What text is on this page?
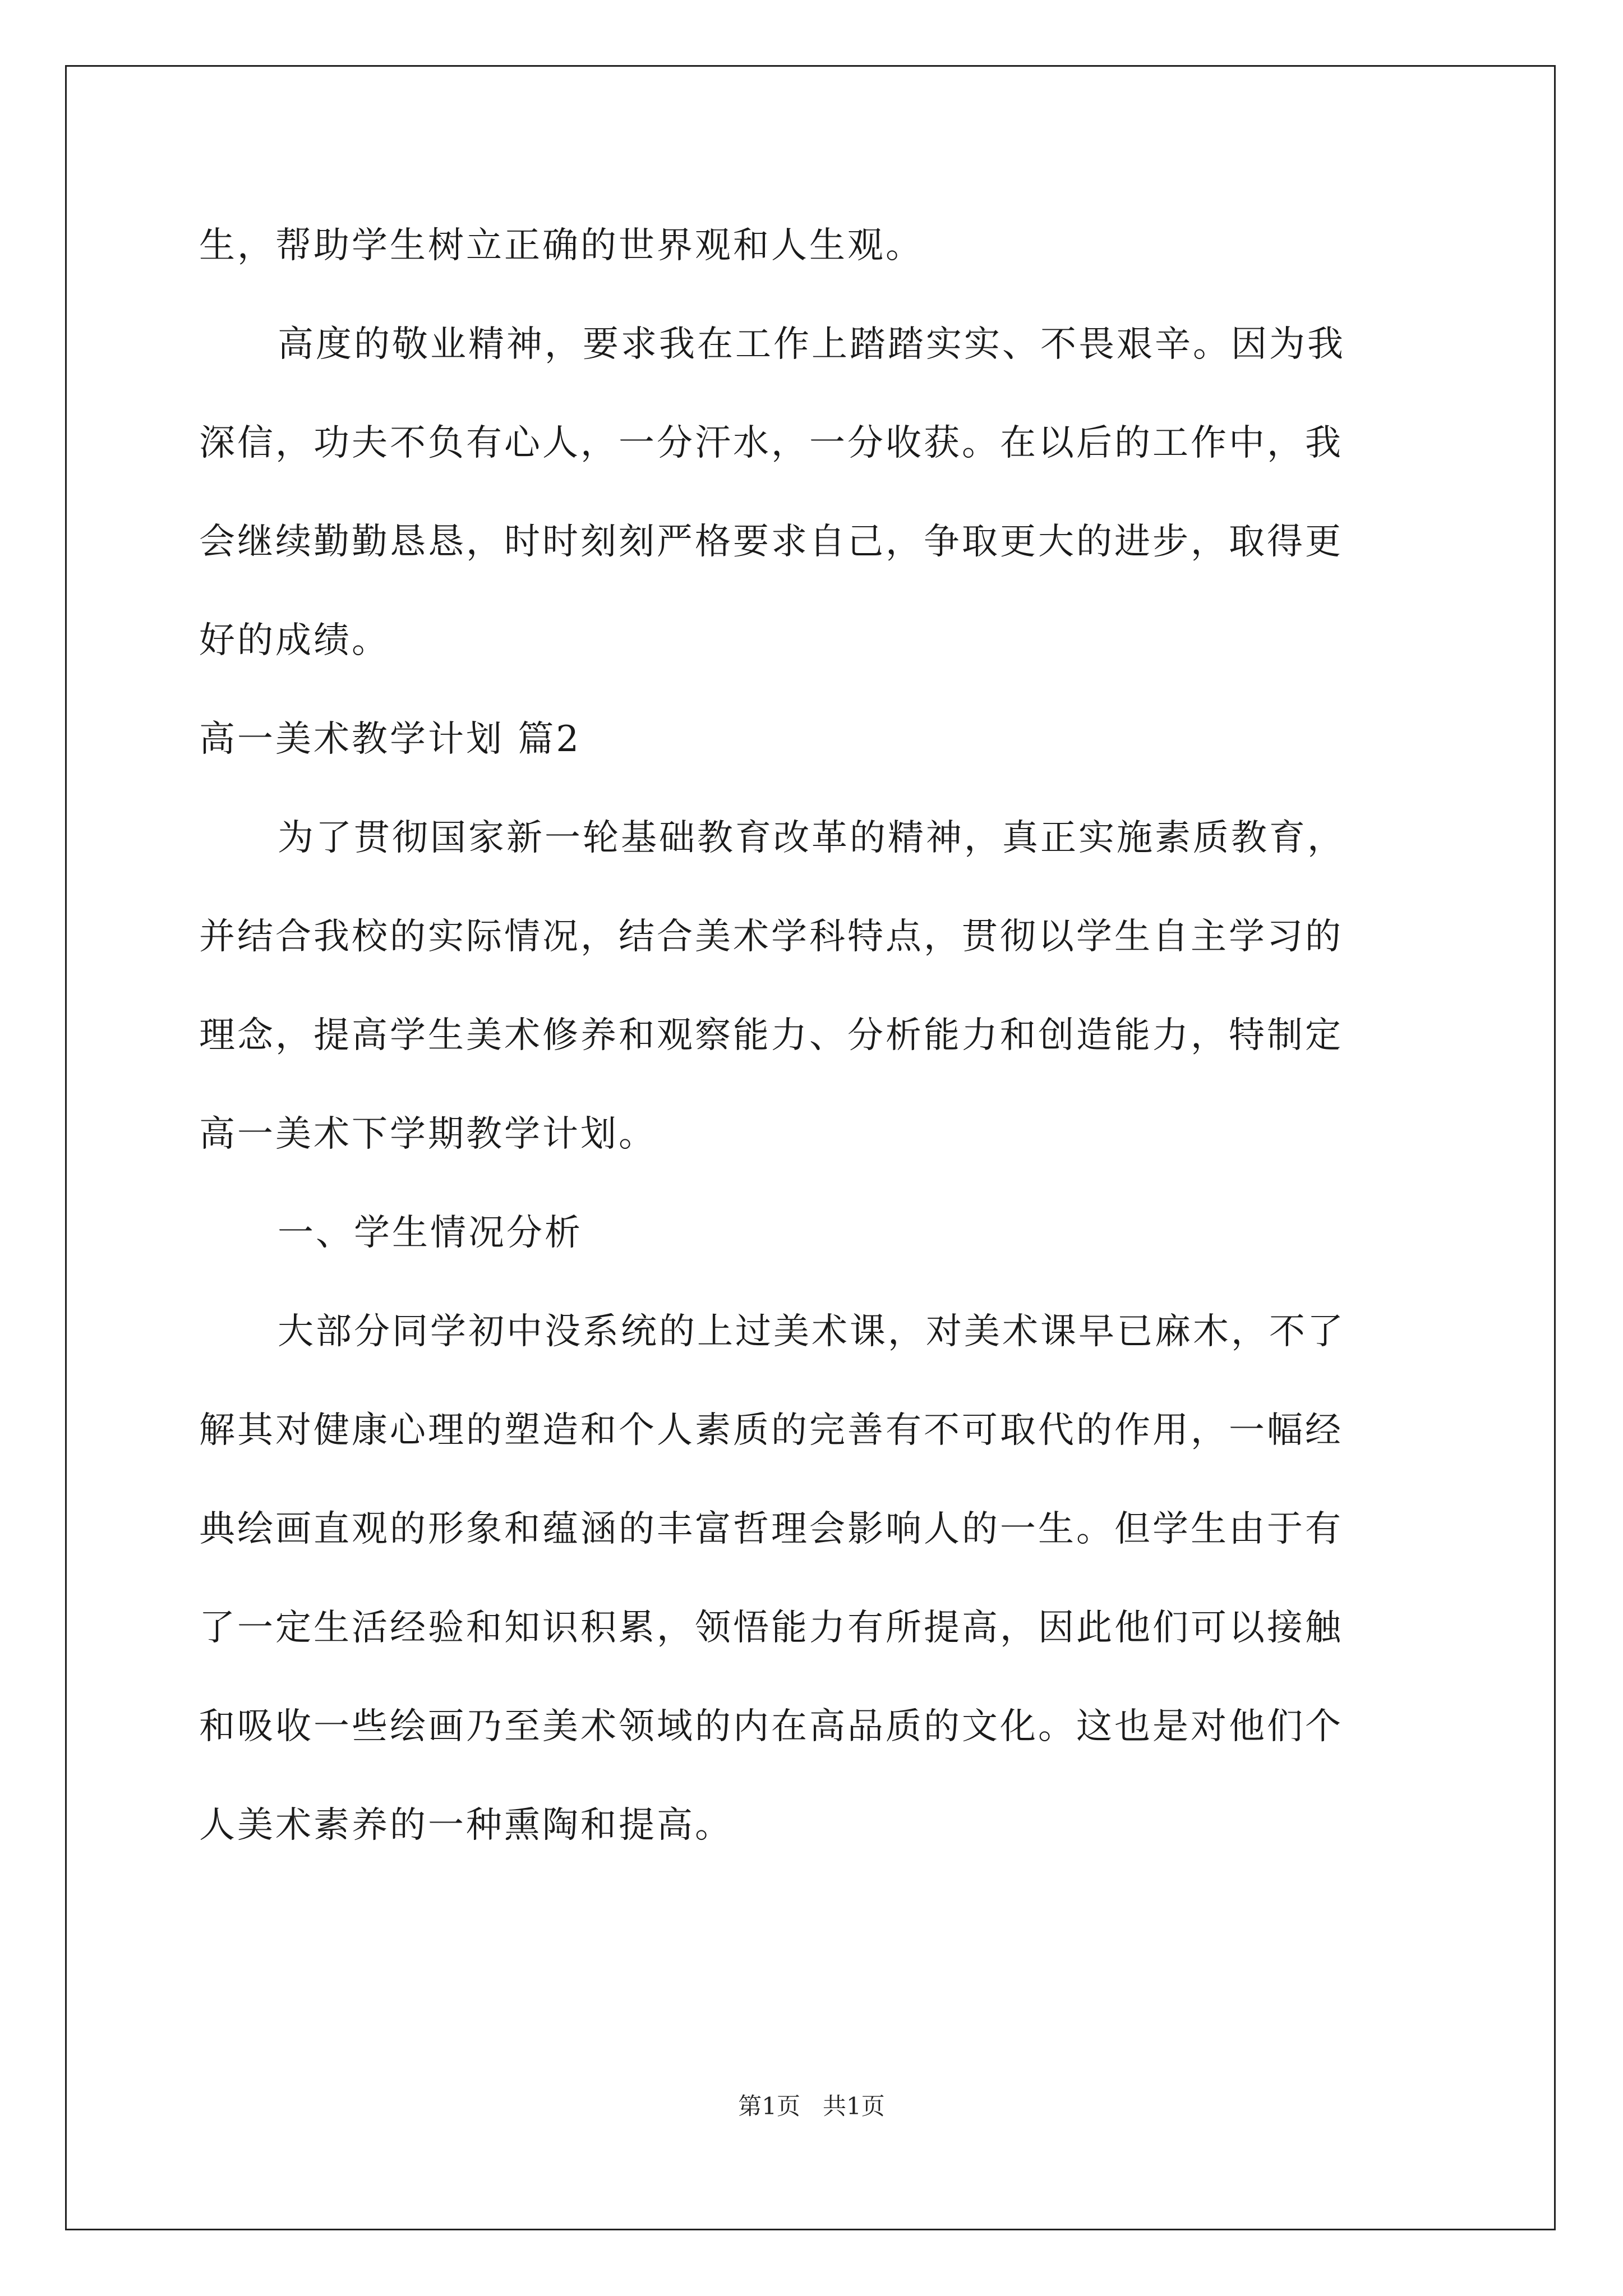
生，帮助学生树立正确的世界观和人生观。
高度的敬业精神，要求我在工作上踏踏实实、不畏艰辛。因为我
深信，功夫不负有心人，一分汗水，一分收获。在以后的工作中，我
会继续勤勤恳恳，时时刻刻严格要求自己，争取更大的进步，取得更
好的成绩。
高一美术教学计划 篇2
为了贯彻国家新一轮基础教育改革的精神，真正实施素质教育，
并结合我校的实际情况，结合美术学科特点，贯彻以学生自主学习的
理念，提高学生美术修养和观察能力、分析能力和创造能力，特制定
高一美术下学期教学计划。
一、学生情况分析
大部分同学初中没系统的上过美术课，对美术课早已麻木，不了
解其对健康心理的塑造和个人素质的完善有不可取代的作用，一幅经
典绘画直观的形象和蕴涵的丰富哲理会影响人的一生。但学生由于有
了一定生活经验和知识积累，领悟能力有所提高，因此他们可以接触
和吸收一些绘画乃至美术领域的内在高品质的文化。这也是对他们个
人美术素养的一种熏陶和提高。
第1页 共1页
